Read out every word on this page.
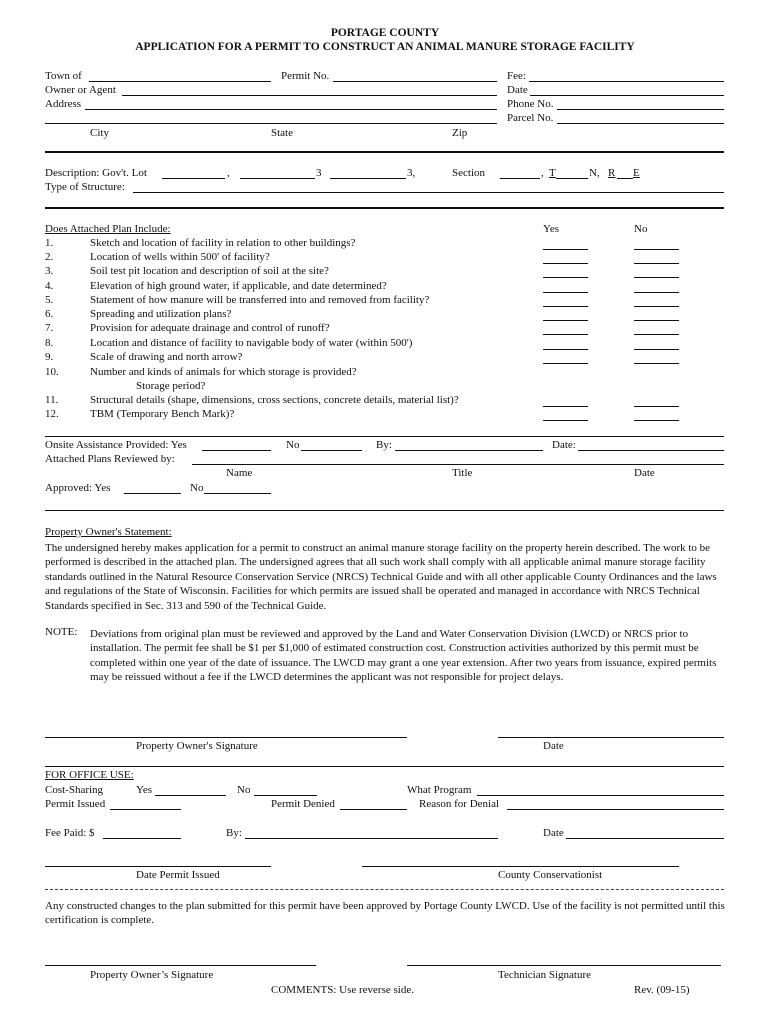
PORTAGE COUNTY
APPLICATION FOR A PERMIT TO CONSTRUCT AN ANIMAL MANURE STORAGE FACILITY
Town of	Permit No.	Fee:
Owner or Agent	Date
Address	Phone No.
Parcel No.
City	State	Zip
Description: Gov't. Lot	,	3	3,	Section	, T	N, R E
Type of Structure:
Does Attached Plan Include:	Yes	No
1.	Sketch and location of facility in relation to other buildings?
2.	Location of wells within 500' of facility?
3.	Soil test pit location and description of soil at the site?
4.	Elevation of high ground water, if applicable, and date determined?
5.	Statement of how manure will be transferred into and removed from facility?
6.	Spreading and utilization plans?
7.	Provision for adequate drainage and control of runoff?
8.	Location and distance of facility to navigable body of water (within 500')
9.	Scale of drawing and north arrow?
10.	Number and kinds of animals for which storage is provided?
Storage period?
11.	Structural details (shape, dimensions, cross sections, concrete details, material list)?
12.	TBM (Temporary Bench Mark)?
Onsite Assistance Provided: Yes	No	By:	Date:
Attached Plans Reviewed by:
Name	Title	Date
Approved: Yes	No
Property Owner's Statement:
The undersigned hereby makes application for a permit to construct an animal manure storage facility on the property herein described. The work to be performed is described in the attached plan. The undersigned agrees that all such work shall comply with all applicable animal manure storage facility standards outlined in the Natural Resource Conservation Service (NRCS) Technical Guide and with all other applicable County Ordinances and the laws and regulations of the State of Wisconsin. Facilities for which permits are issued shall be operated and managed in accordance with NRCS Technical Standards specified in Sec. 313 and 590 of the Technical Guide.
NOTE: Deviations from original plan must be reviewed and approved by the Land and Water Conservation Division (LWCD) or NRCS prior to installation. The permit fee shall be $1 per $1,000 of estimated construction cost. Construction activities authorized by this permit must be completed within one year of the date of issuance. The LWCD may grant a one year extension. After two years from issuance, expired permits may be reissued without a fee if the LWCD determines the applicant was not responsible for project delays.
Property Owner's Signature	Date
FOR OFFICE USE:
Cost-Sharing	Yes	No	What Program
Permit Issued	Permit Denied	Reason for Denial
Fee Paid: $	By:	Date
Date Permit Issued	County Conservationist
Any constructed changes to the plan submitted for this permit have been approved by Portage County LWCD. Use of the facility is not permitted until this certification is complete.
Property Owner’s Signature	Technician Signature
COMMENTS: Use reverse side.	Rev. (09-15)
